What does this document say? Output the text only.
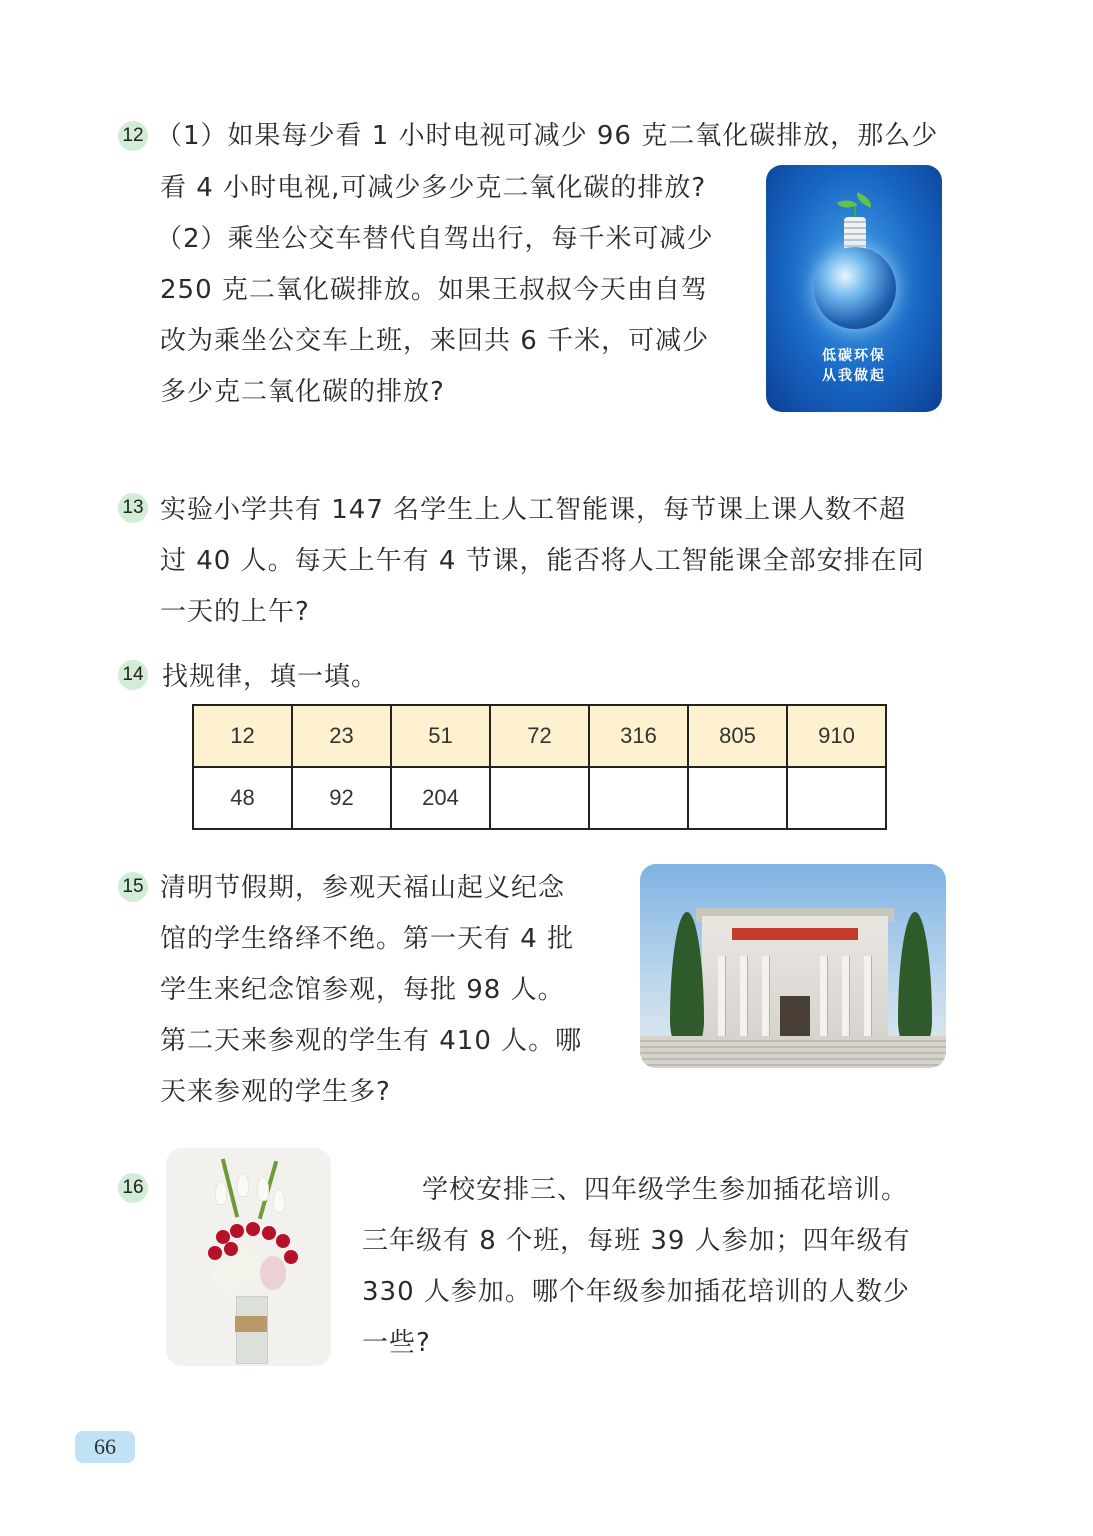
12 （1）如果每少看 1 小时电视可减少 96 克二氧化碳排放，那么少
看 4 小时电视,可减少多少克二氧化碳的排放?
（2）乘坐公交车替代自驾出行，每千米可减少
250 克二氧化碳排放。如果王叔叔今天由自驾
改为乘坐公交车上班，来回共 6 千米，可减少
多少克二氧化碳的排放?
低碳环保
从我做起
13 实验小学共有 147 名学生上人工智能课，每节课上课人数不超
过 40 人。每天上午有 4 节课，能否将人工智能课全部安排在同
一天的上午?
14 找规律，填一填。
12	23	51	72	316	805	910
48	92	204				
15 清明节假期，参观天福山起义纪念
馆的学生络绎不绝。第一天有 4 批
学生来纪念馆参观，每批 98 人。
第二天来参观的学生有 410 人。哪
天来参观的学生多?
16	学校安排三、四年级学生参加插花培训。
三年级有 8 个班，每班 39 人参加；四年级有
330 人参加。哪个年级参加插花培训的人数少
一些?
66
